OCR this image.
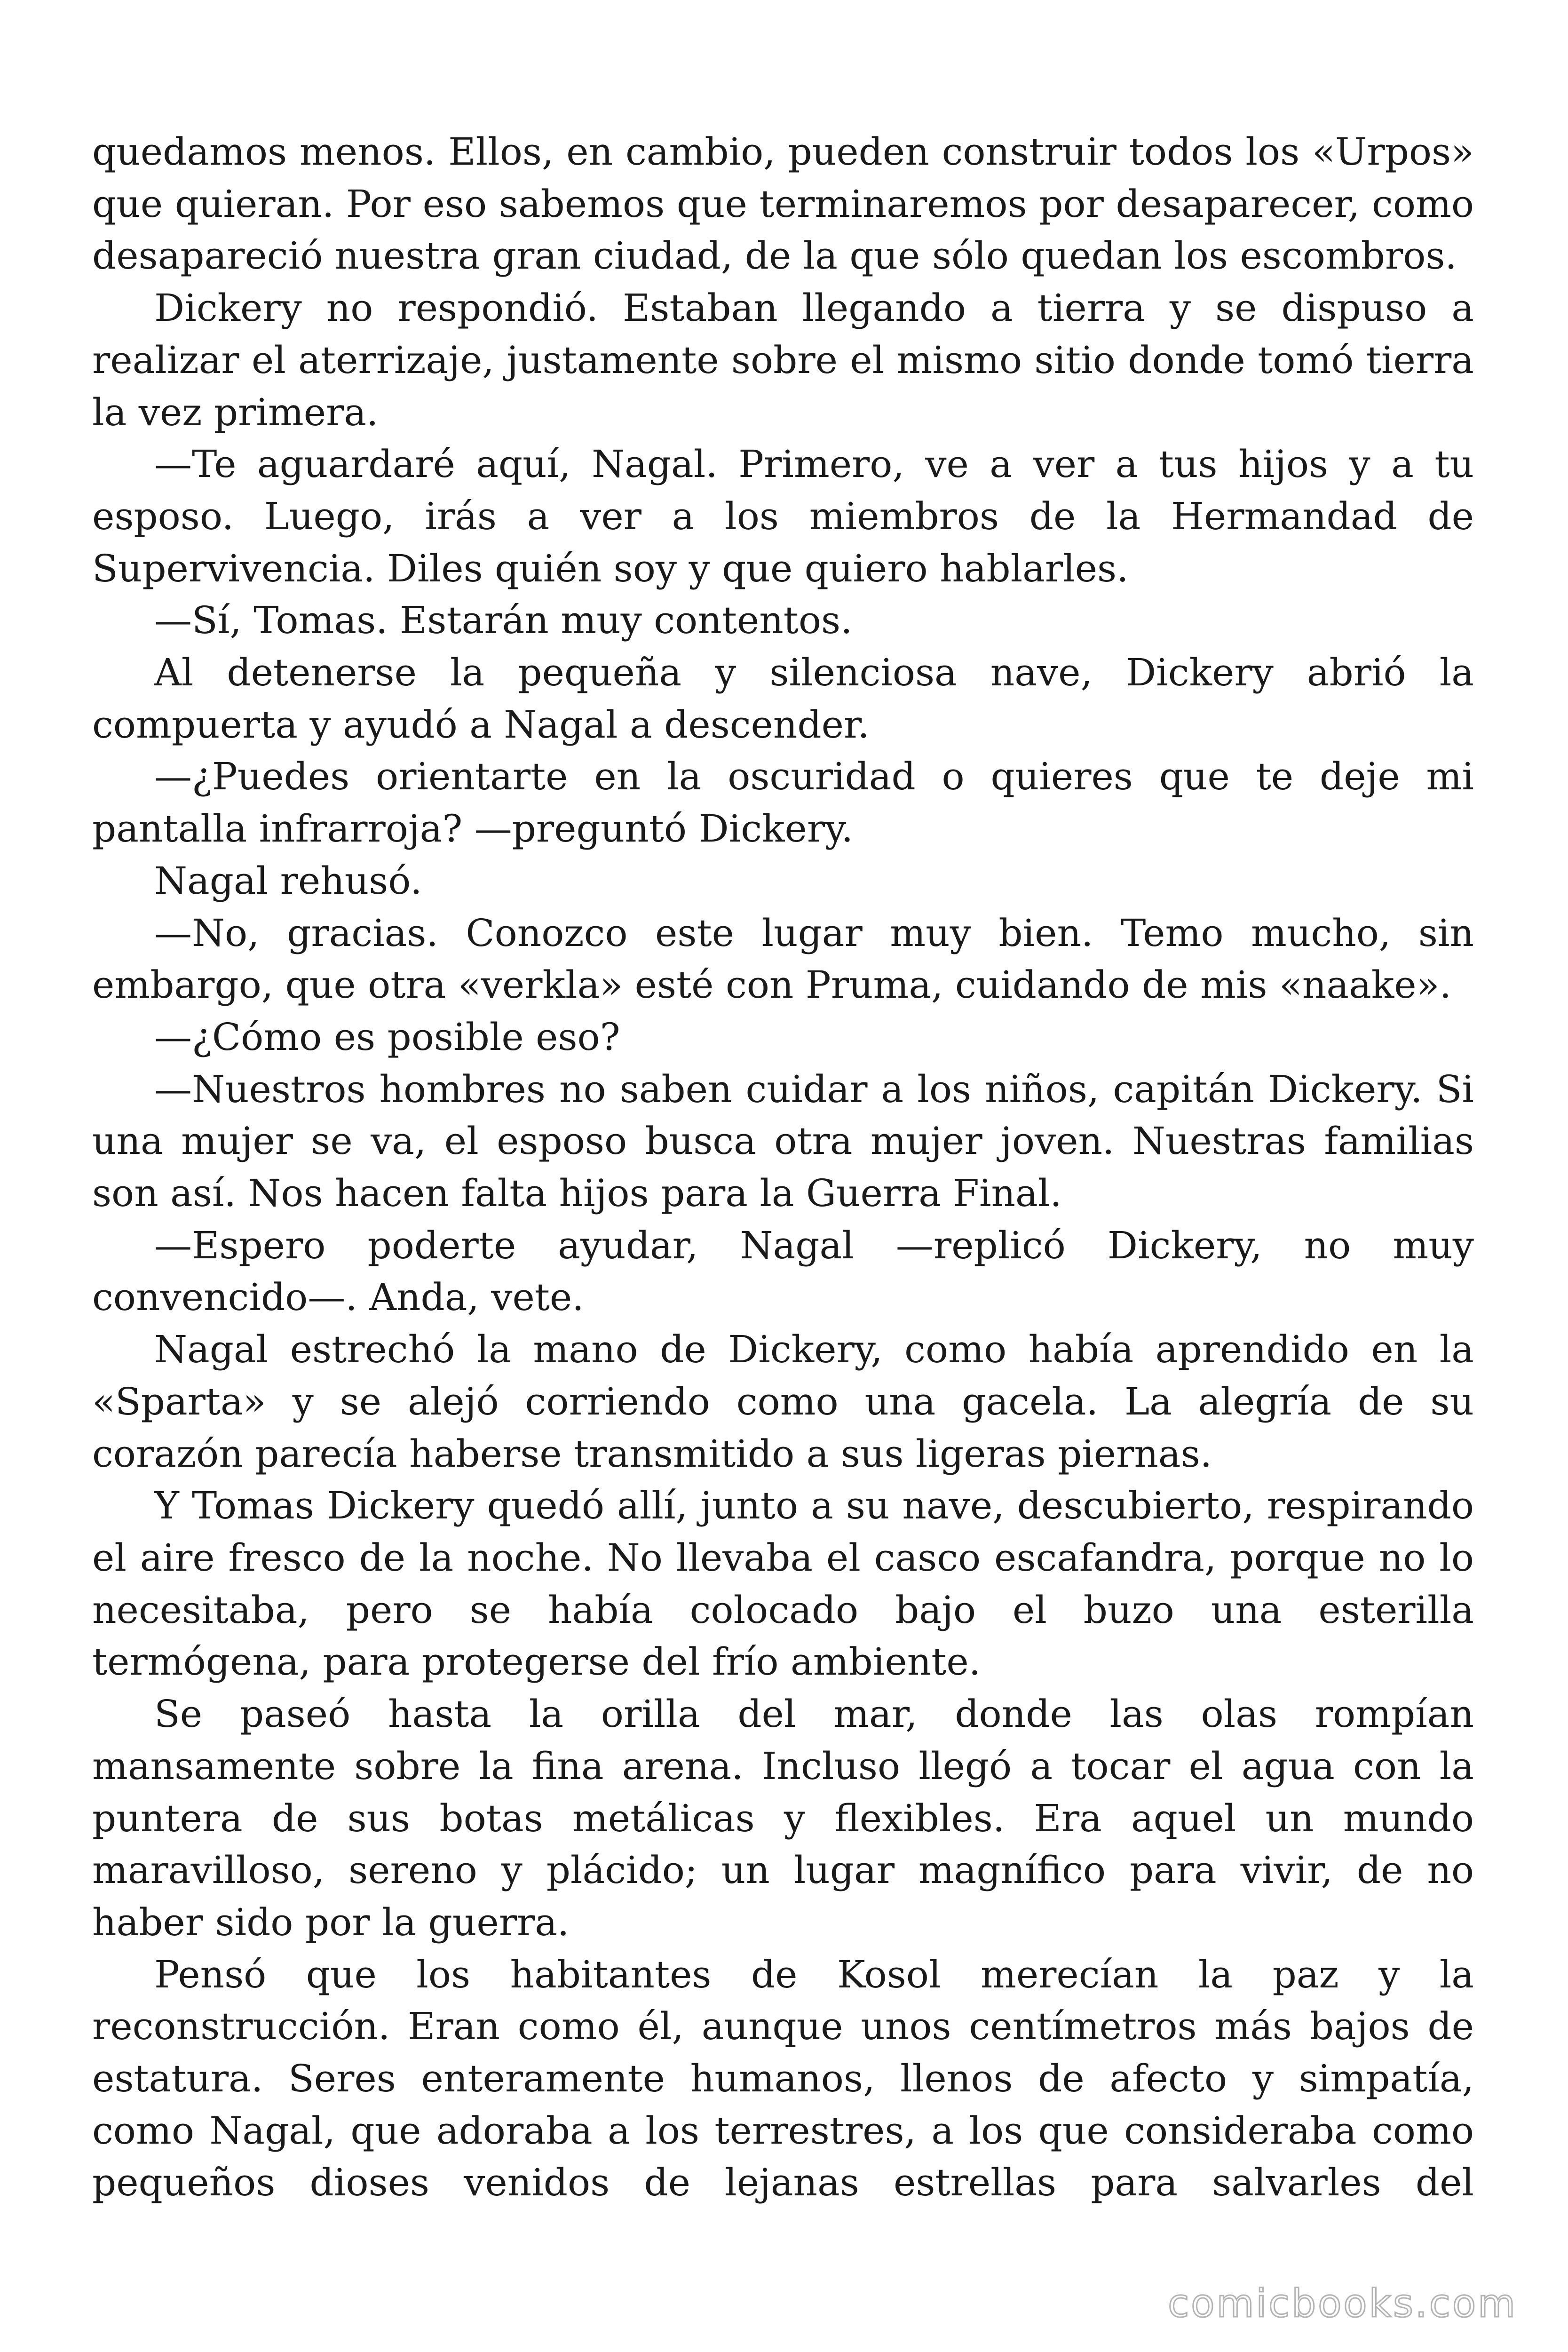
quedamos menos. Ellos, en cambio, pueden construir todos los «Urpos» que quieran. Por eso sabemos que terminaremos por desaparecer, como desapareció nuestra gran ciudad, de la que sólo quedan los escombros.

Dickery no respondió. Estaban llegando a tierra y se dispuso a realizar el aterrizaje, justamente sobre el mismo sitio donde tomó tierra la vez primera.

—Te aguardaré aquí, Nagal. Primero, ve a ver a tus hijos y a tu esposo. Luego, irás a ver a los miembros de la Hermandad de Supervivencia. Diles quién soy y que quiero hablarles.

—Sí, Tomas. Estarán muy contentos.

Al detenerse la pequeña y silenciosa nave, Dickery abrió la compuerta y ayudó a Nagal a descender.

—¿Puedes orientarte en la oscuridad o quieres que te deje mi pantalla infrarroja? —preguntó Dickery.

Nagal rehusó.

—No, gracias. Conozco este lugar muy bien. Temo mucho, sin embargo, que otra «verkla» esté con Pruma, cuidando de mis «naake».

—¿Cómo es posible eso?

—Nuestros hombres no saben cuidar a los niños, capitán Dickery. Si una mujer se va, el esposo busca otra mujer joven. Nuestras familias son así. Nos hacen falta hijos para la Guerra Final.

—Espero poderte ayudar, Nagal —replicó Dickery, no muy convencido—. Anda, vete.

Nagal estrechó la mano de Dickery, como había aprendido en la «Sparta» y se alejó corriendo como una gacela. La alegría de su corazón parecía haberse transmitido a sus ligeras piernas.

Y Tomas Dickery quedó allí, junto a su nave, descubierto, respirando el aire fresco de la noche. No llevaba el casco escafandra, porque no lo necesitaba, pero se había colocado bajo el buzo una esterilla termógena, para protegerse del frío ambiente.

Se paseó hasta la orilla del mar, donde las olas rompían mansamente sobre la fina arena. Incluso llegó a tocar el agua con la puntera de sus botas metálicas y flexibles. Era aquel un mundo maravilloso, sereno y plácido; un lugar magnífico para vivir, de no haber sido por la guerra.

Pensó que los habitantes de Kosol merecían la paz y la reconstrucción. Eran como él, aunque unos centímetros más bajos de estatura. Seres enteramente humanos, llenos de afecto y simpatía, como Nagal, que adoraba a los terrestres, a los que consideraba como pequeños dioses venidos de lejanas estrellas para salvarles del

comicbooks.com
